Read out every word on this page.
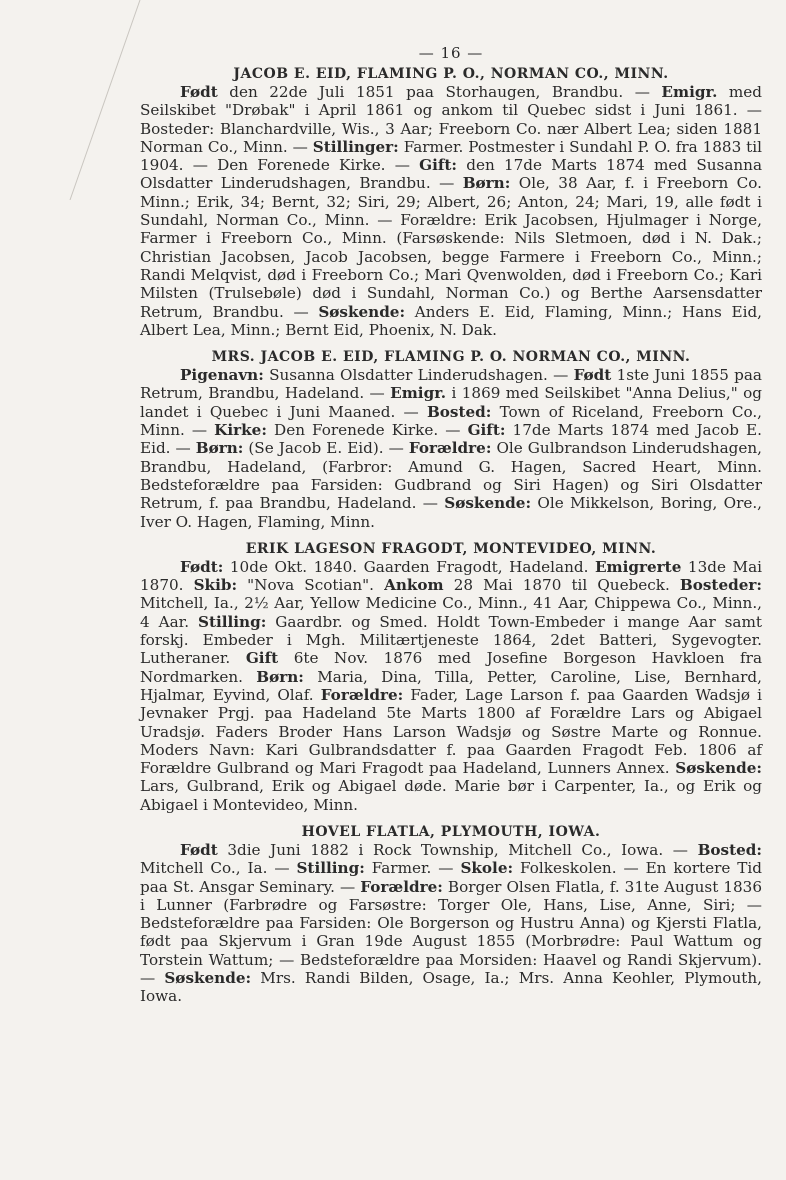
— 16 —
JACOB E. EID, FLAMING P. O., NORMAN CO., MINN.

Født den 22de Juli 1851 paa Storhaugen, Brandbu. — Emigr. med Seilskibet "Drøbak" i April 1861 og ankom til Quebec sidst i Juni 1861. —Bosteder: Blanchardville, Wis., 3 Aar; Freeborn Co. nær Albert Lea; siden 1881 Norman Co., Minn. — Stillinger: Farmer. Postmester i Sundahl P. O. fra 1883 til 1904. — Den Forenede Kirke. — Gift: den 17de Marts 1874 med Susanna Olsdatter Linderudshagen, Brandbu. — Børn: Ole, 38 Aar, f. i Freeborn Co. Minn.; Erik, 34; Bernt, 32; Siri, 29; Albert, 26; Anton, 24; Mari, 19, alle født i Sundahl, Norman Co., Minn. — Forældre: Erik Jacobsen, Hjulmager i Norge, Farmer i Freeborn Co., Minn. (Farsøskende: Nils Sletmoen, død i N. Dak.; Christian Jacobsen, Jacob Jacobsen, begge Farmere i Freeborn Co., Minn.; Randi Melqvist, død i Freeborn Co.; Mari Qvenwolden, død i Freeborn Co.; Kari Milsten (Trulsebøle) død i Sundahl, Norman Co.) og Berthe Aarsensdatter Retrum, Brandbu. — Søskende: Anders E. Eid, Flaming, Minn.; Hans Eid, Albert Lea, Minn.; Bernt Eid, Phoenix, N. Dak.

MRS. JACOB E. EID, FLAMING P. O. NORMAN CO., MINN.

Pigenavn: Susanna Olsdatter Linderudshagen. — Født 1ste Juni 1855 paa Retrum, Brandbu, Hadeland. — Emigr. i 1869 med Seilskibet "Anna Delius," og landet i Quebec i Juni Maaned. — Bosted: Town of Riceland, Freeborn Co., Minn. — Kirke: Den Forenede Kirke. — Gift: 17de Marts 1874 med Jacob E. Eid. — Børn: (Se Jacob E. Eid). — Forældre: Ole Gulbrandson Linderudshagen, Brandbu, Hadeland, (Farbror: Amund G. Hagen, Sacred Heart, Minn. Bedsteforældre paa Farsiden: Gudbrand og Siri Hagen) og Siri Olsdatter Retrum, f. paa Brandbu, Hadeland. — Søskende: Ole Mikkelson, Boring, Ore., Iver O. Hagen, Flaming, Minn.

ERIK LAGESON FRAGODT, MONTEVIDEO, MINN.

Født: 10de Okt. 1840. Gaarden Fragodt, Hadeland. Emigrerte 13de Mai 1870. Skib: "Nova Scotian". Ankom 28 Mai 1870 til Quebeck. Bosteder: Mitchell, Ia., 2½ Aar, Yellow Medicine Co., Minn., 41 Aar, Chippewa Co., Minn., 4 Aar. Stilling: Gaardbr. og Smed. Holdt Town-Embeder i mange Aar samt forskj. Embeder i Mgh. Militærtjeneste 1864, 2det Batteri, Sygevogter. Lutheraner. Gift 6te Nov. 1876 med Josefine Borgeson Havkloen fra Nordmarken. Børn: Maria, Dina, Tilla, Petter, Caroline, Lise, Bernhard, Hjalmar, Eyvind, Olaf. Forældre: Fader, Lage Larson f. paa Gaarden Wadsjø i Jevnaker Prgj. paa Hadeland 5te Marts 1800 af Forældre Lars og Abigael Uradsjø. Faders Broder Hans Larson Wadsjø og Søstre Marte og Ronnue. Moders Navn: Kari Gulbrandsdatter f. paa Gaarden Fragodt Feb. 1806 af Forældre Gulbrand og Mari Fragodt paa Hadeland, Lunners Annex. Søskende: Lars, Gulbrand, Erik og Abigael døde. Marie bør i Carpenter, Ia., og Erik og Abigael i Montevideo, Minn.

HOVEL FLATLA, PLYMOUTH, IOWA.

Født 3die Juni 1882 i Rock Township, Mitchell Co., Iowa. — Bosted: Mitchell Co., Ia. — Stilling: Farmer. — Skole: Folkeskolen. — En kortere Tid paa St. Ansgar Seminary. — Forældre: Borger Olsen Flatla, f. 31te August 1836 i Lunner (Farbrødre og Farsøstre: Torger Ole, Hans, Lise, Anne, Siri; — Bedsteforældre paa Farsiden: Ole Borgerson og Hustru Anna) og Kjersti Flatla, født paa Skjervum i Gran 19de August 1855 (Morbrødre: Paul Wattum og Torstein Wattum; — Bedsteforældre paa Morsiden: Haavel og Randi Skjervum). — Søskende: Mrs. Randi Bilden, Osage, Ia.; Mrs. Anna Keohler, Plymouth, Iowa.
